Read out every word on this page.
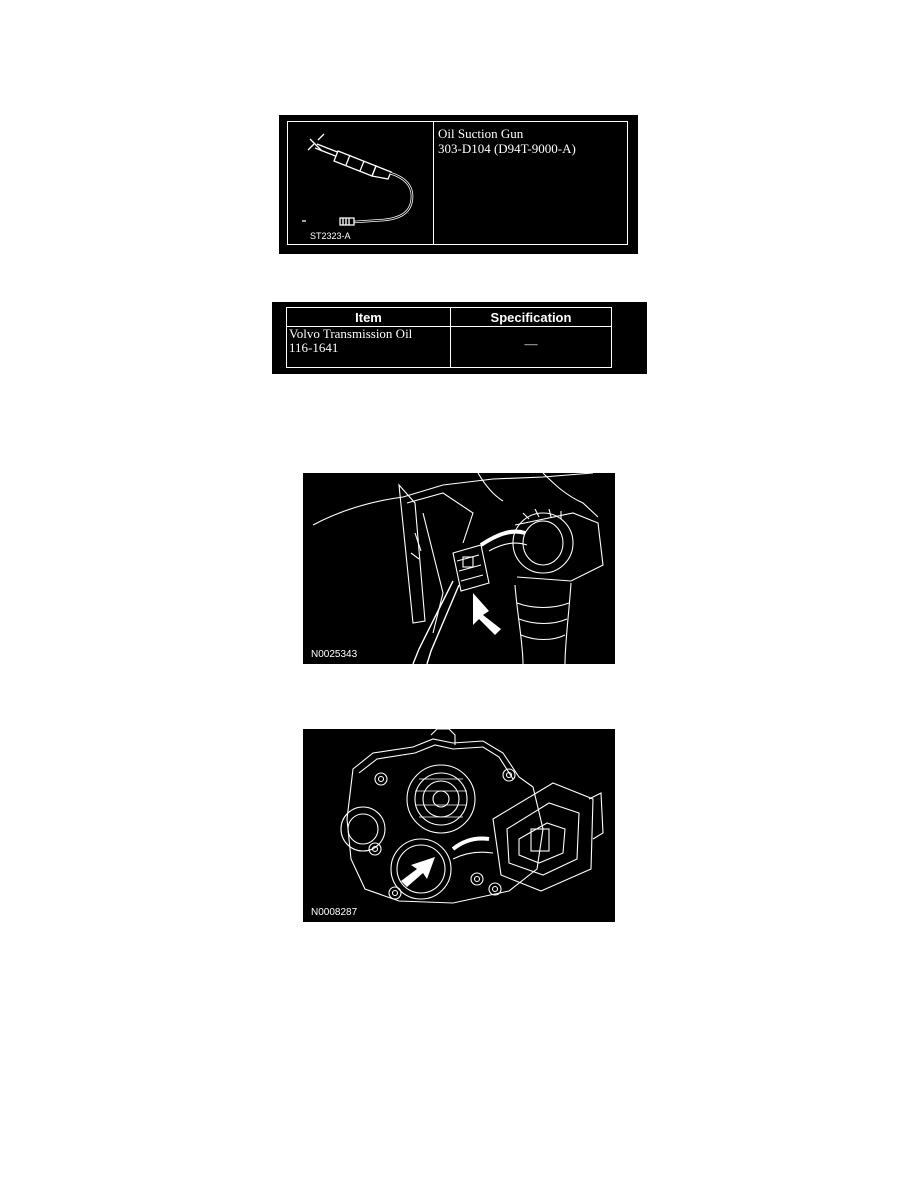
ST2323-A
Oil Suction Gun
303-D104 (D94T-9000-A)
Item	Specification

Volvo Transmission Oil
116-1641	—
N0025343
N0008287
